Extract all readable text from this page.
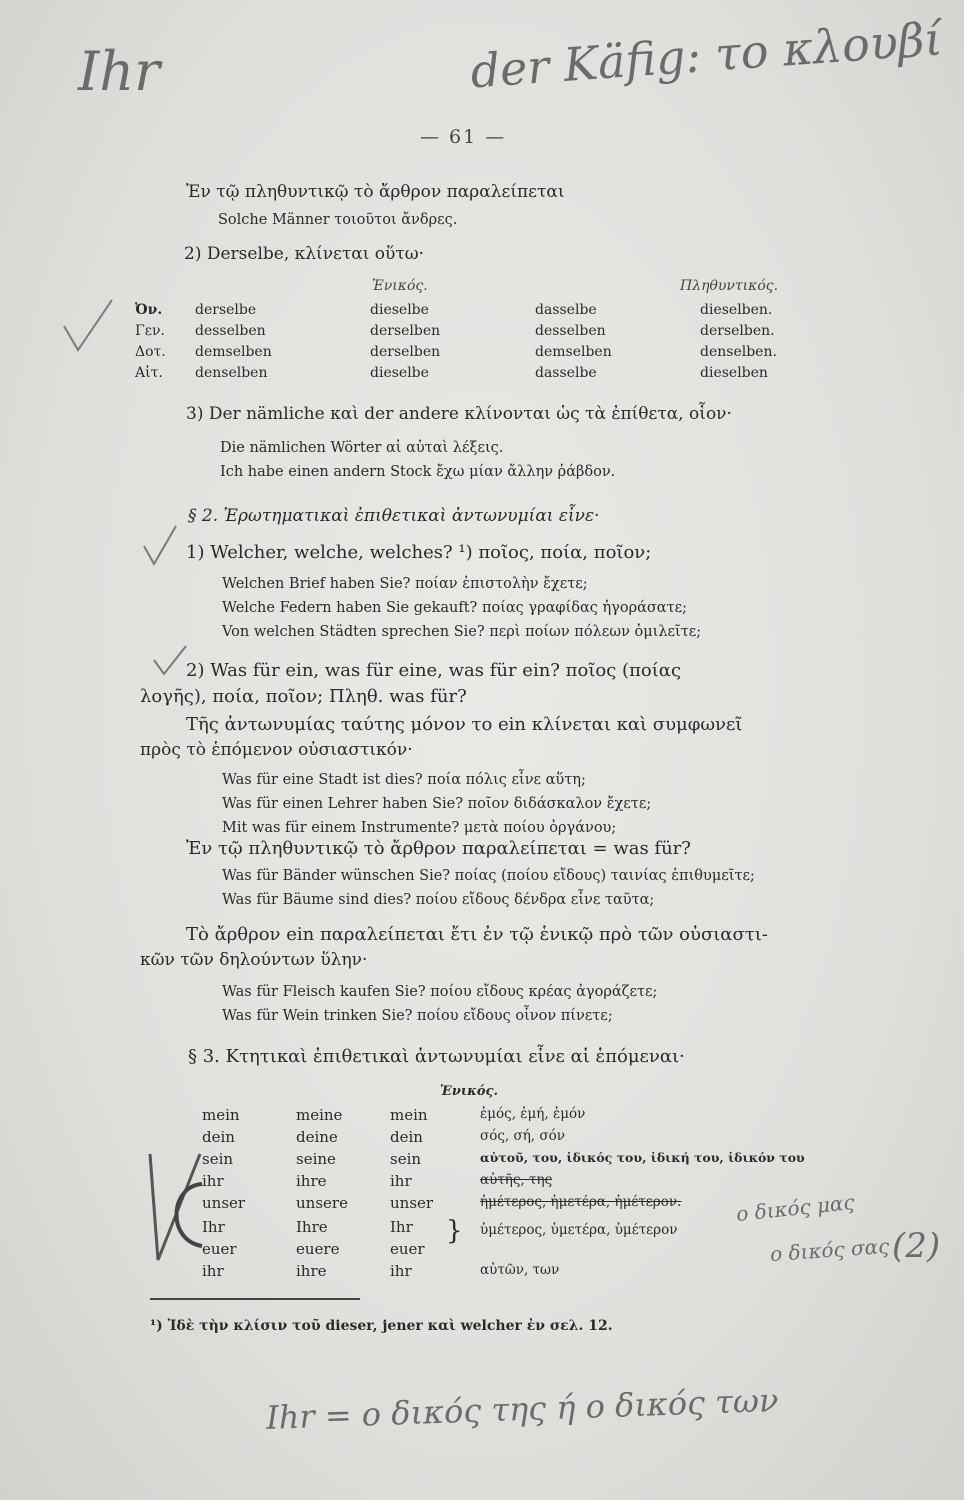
Ihr	der Käfig: το κλουβί
— 61 —
Ἐν τῷ πληθυντικῷ τὸ ἄρθρον παραλείπεται
Solche Männer τοιοῦτοι ἄνδρες.
2) Derselbe, κλίνεται οὕτω·
Ἑνικός.	Πληθυντικός.
Ὀν. derselbe	dieselbe	dasselbe	dieselben.
Γεν. desselben	derselben	desselben	derselben.
Δοτ. demselben	derselben	demselben	denselben.
Αἰτ. denselben	dieselbe	dasselbe	dieselben
3) Der nämliche καὶ der andere κλίνονται ὡς τὰ ἐπίθετα, οἷον·
Die nämlichen Wörter αἱ αὐταὶ λέξεις.
Ich habe einen andern Stock ἔχω μίαν ἄλλην ῥάβδον.
§ 2. Ἐρωτηματικαὶ ἐπιθετικαὶ ἀντωνυμίαι εἶνε·
1) Welcher, welche, welches? ¹) ποῖος, ποία, ποῖον;
Welchen Brief haben Sie? ποίαν ἐπιστολὴν ἔχετε;
Welche Federn haben Sie gekauft? ποίας γραφίδας ἠγοράσατε;
Von welchen Städten sprechen Sie? περὶ ποίων πόλεων ὁμιλεῖτε;
2) Was für ein, was für eine, was für ein? ποῖος (ποίας
λογῆς), ποία, ποῖον; Πληθ. was für?
Τῆς ἀντωνυμίας ταύτης μόνον το ein κλίνεται καὶ συμφωνεῖ
πρὸς τὸ ἑπόμενον οὐσιαστικόν·
Was für eine Stadt ist dies? ποία πόλις εἶνε αὕτη;
Was für einen Lehrer haben Sie? ποῖον διδάσκαλον ἔχετε;
Mit was für einem Instrumente? μετὰ ποίου ὀργάνου;
Ἐν τῷ πληθυντικῷ τὸ ἄρθρον παραλείπεται = was für?
Was für Bänder wünschen Sie? ποίας (ποίου εἴδους) ταινίας ἐπιθυμεῖτε;
Was für Bäume sind dies? ποίου εἴδους δένδρα εἶνε ταῦτα;
Τὸ ἄρθρον ein παραλείπεται ἔτι ἐν τῷ ἑνικῷ πρὸ τῶν οὐσιαστι-
κῶν τῶν δηλούντων ὕλην·
Was für Fleisch kaufen Sie? ποίου εἴδους κρέας ἀγοράζετε;
Was für Wein trinken Sie? ποίου εἴδους οἶνον πίνετε;
§ 3. Κτητικαὶ ἐπιθετικαὶ ἀντωνυμίαι εἶνε αἱ ἑπόμεναι·
Ἑνικός.
mein	meine	mein	ἐμός, ἐμή, ἐμόν
dein	deine	dein	σός, σή, σόν
sein	seine	sein	αὐτοῦ, του, ἰδικός του, ἰδική του, ἰδικόν του
ihr	ihre	ihr	αὐτῆς, της
unser	unsere	unser	ἡμέτερος, ἡμετέρα, ἡμέτερον.
Ihr	Ihre	Ihr } ὑμέτερος, ὑμετέρα, ὑμέτερον
euer	euere	euer
ihr	ihre	ihr	αὐτῶν, των
ο δικός μας
ο δικός σας (2)
¹) Ἰδὲ τὴν κλίσιν τοῦ dieser, jener καὶ welcher ἐν σελ. 12.
Ihr = ο δικός της ή ο δικός των
